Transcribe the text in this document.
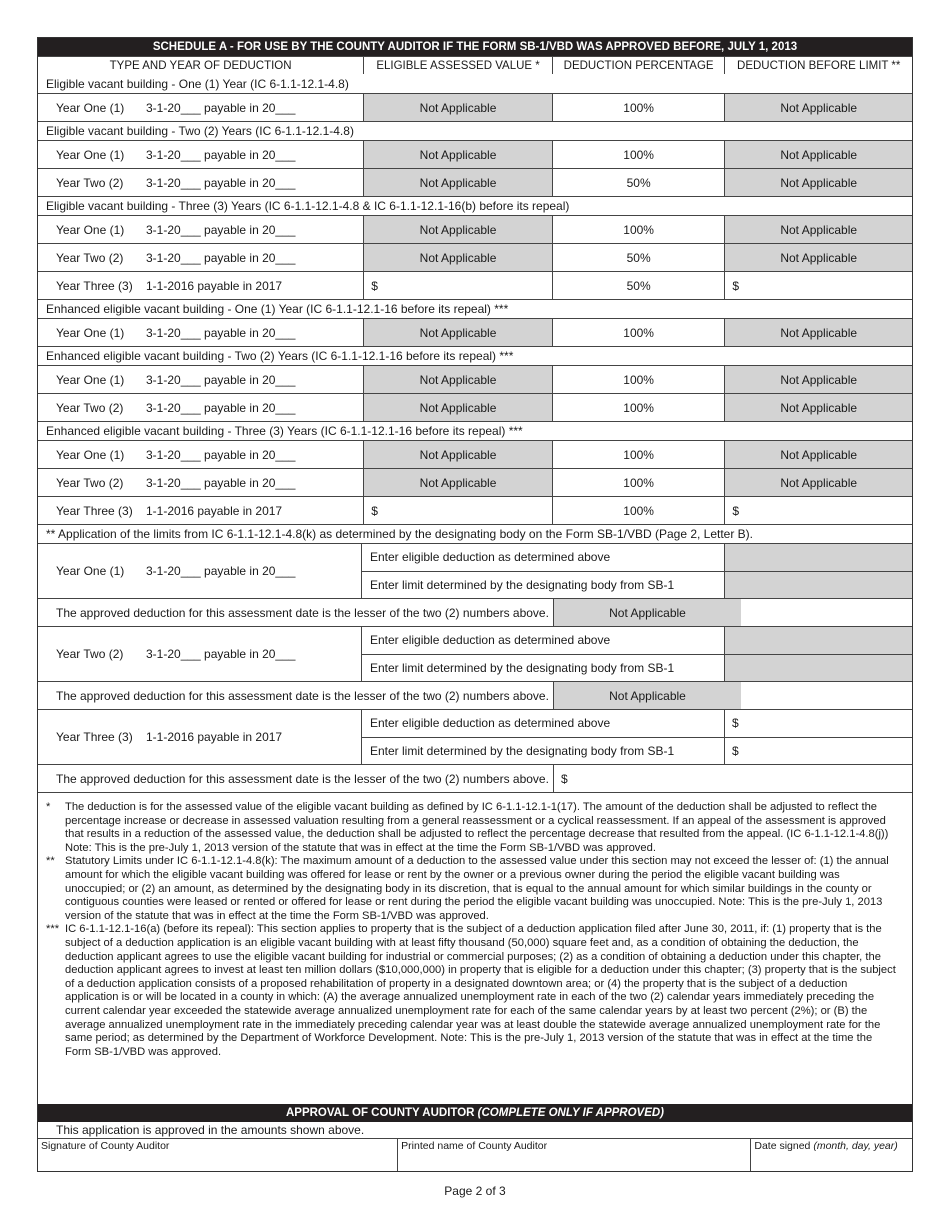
SCHEDULE A - FOR USE BY THE COUNTY AUDITOR IF THE FORM SB-1/VBD WAS APPROVED BEFORE, JULY 1, 2013
TYPE AND YEAR OF DEDUCTION	ELIGIBLE ASSESSED VALUE *	DEDUCTION PERCENTAGE	DEDUCTION BEFORE LIMIT **
Eligible vacant building - One (1) Year (IC 6-1.1-12.1-4.8)
Year One (1)	3-1-20___ payable in 20___	Not Applicable	100%	Not Applicable
Eligible vacant building - Two (2) Years (IC 6-1.1-12.1-4.8)
Year One (1)	3-1-20___ payable in 20___	Not Applicable	100%	Not Applicable
Year Two (2)	3-1-20___ payable in 20___	Not Applicable	50%	Not Applicable
Eligible vacant building - Three (3) Years (IC 6-1.1-12.1-4.8 & IC 6-1.1-12.1-16(b) before its repeal)
Year One (1)	3-1-20___ payable in 20___	Not Applicable	100%	Not Applicable
Year Two (2)	3-1-20___ payable in 20___	Not Applicable	50%	Not Applicable
Year Three (3)	1-1-2016 payable in 2017	$	50%	$
Enhanced eligible vacant building - One (1) Year (IC 6-1.1-12.1-16 before its repeal) ***
Year One (1)	3-1-20___ payable in 20___	Not Applicable	100%	Not Applicable
Enhanced eligible vacant building - Two (2) Years (IC 6-1.1-12.1-16 before its repeal) ***
Year One (1)	3-1-20___ payable in 20___	Not Applicable	100%	Not Applicable
Year Two (2)	3-1-20___ payable in 20___	Not Applicable	100%	Not Applicable
Enhanced eligible vacant building - Three (3) Years (IC 6-1.1-12.1-16 before its repeal) ***
Year One (1)	3-1-20___ payable in 20___	Not Applicable	100%	Not Applicable
Year Two (2)	3-1-20___ payable in 20___	Not Applicable	100%	Not Applicable
Year Three (3)	1-1-2016 payable in 2017	$	100%	$
** Application of the limits from IC 6-1.1-12.1-4.8(k) as determined by the designating body on the Form SB-1/VBD (Page 2, Letter B).
Year One (1)	3-1-20___ payable in 20___
Enter eligible deduction as determined above
Enter limit determined by the designating body from SB-1
The approved deduction for this assessment date is the lesser of the two (2) numbers above.	Not Applicable
Year Two (2)	3-1-20___ payable in 20___
Enter eligible deduction as determined above
Enter limit determined by the designating body from SB-1
The approved deduction for this assessment date is the lesser of the two (2) numbers above.	Not Applicable
Year Three (3)	1-1-2016 payable in 2017
Enter eligible deduction as determined above	$
Enter limit determined by the designating body from SB-1	$
The approved deduction for this assessment date is the lesser of the two (2) numbers above.	$
*	The deduction is for the assessed value of the eligible vacant building as defined by IC 6-1.1-12.1-1(17). The amount of the deduction shall be adjusted to reflect the percentage increase or decrease in assessed valuation resulting from a general reassessment or a cyclical reassessment. If an appeal of the assessment is approved that results in a reduction of the assessed value, the deduction shall be adjusted to reflect the percentage decrease that resulted from the appeal. (IC 6-1.1-12.1-4.8(j)) Note: This is the pre-July 1, 2013 version of the statute that was in effect at the time the Form SB-1/VBD was approved.
** Statutory Limits under IC 6-1.1-12.1-4.8(k): The maximum amount of a deduction to the assessed value under this section may not exceed the lesser of: (1) the annual amount for which the eligible vacant building was offered for lease or rent by the owner or a previous owner during the period the eligible vacant building was unoccupied; or (2) an amount, as determined by the designating body in its discretion, that is equal to the annual amount for which similar buildings in the county or contiguous counties were leased or rented or offered for lease or rent during the period the eligible vacant building was unoccupied. Note: This is the pre-July 1, 2013 version of the statute that was in effect at the time the Form SB-1/VBD was approved.
*** IC 6-1.1-12.1-16(a) (before its repeal): This section applies to property that is the subject of a deduction application filed after June 30, 2011, if: (1) property that is the subject of a deduction application is an eligible vacant building with at least fifty thousand (50,000) square feet and, as a condition of obtaining the deduction, the deduction applicant agrees to use the eligible vacant building for industrial or commercial purposes; (2) as a condition of obtaining a deduction under this chapter, the deduction applicant agrees to invest at least ten million dollars ($10,000,000) in property that is eligible for a deduction under this chapter; (3) property that is the subject of a deduction application consists of a proposed rehabilitation of property in a designated downtown area; or (4) the property that is the subject of a deduction application is or will be located in a county in which: (A) the average annualized unemployment rate in each of the two (2) calendar years immediately preceding the current calendar year exceeded the statewide average annualized unemployment rate for each of the same calendar years by at least two percent (2%); or (B) the average annualized unemployment rate in the immediately preceding calendar year was at least double the statewide average annualized unemployment rate for the same period; as determined by the Department of Workforce Development. Note: This is the pre-July 1, 2013 version of the statute that was in effect at the time the Form SB-1/VBD was approved.
APPROVAL OF COUNTY AUDITOR (COMPLETE ONLY IF APPROVED)
This application is approved in the amounts shown above.
Signature of County Auditor	Printed name of County Auditor	Date signed (month, day, year)
Page 2 of 3
